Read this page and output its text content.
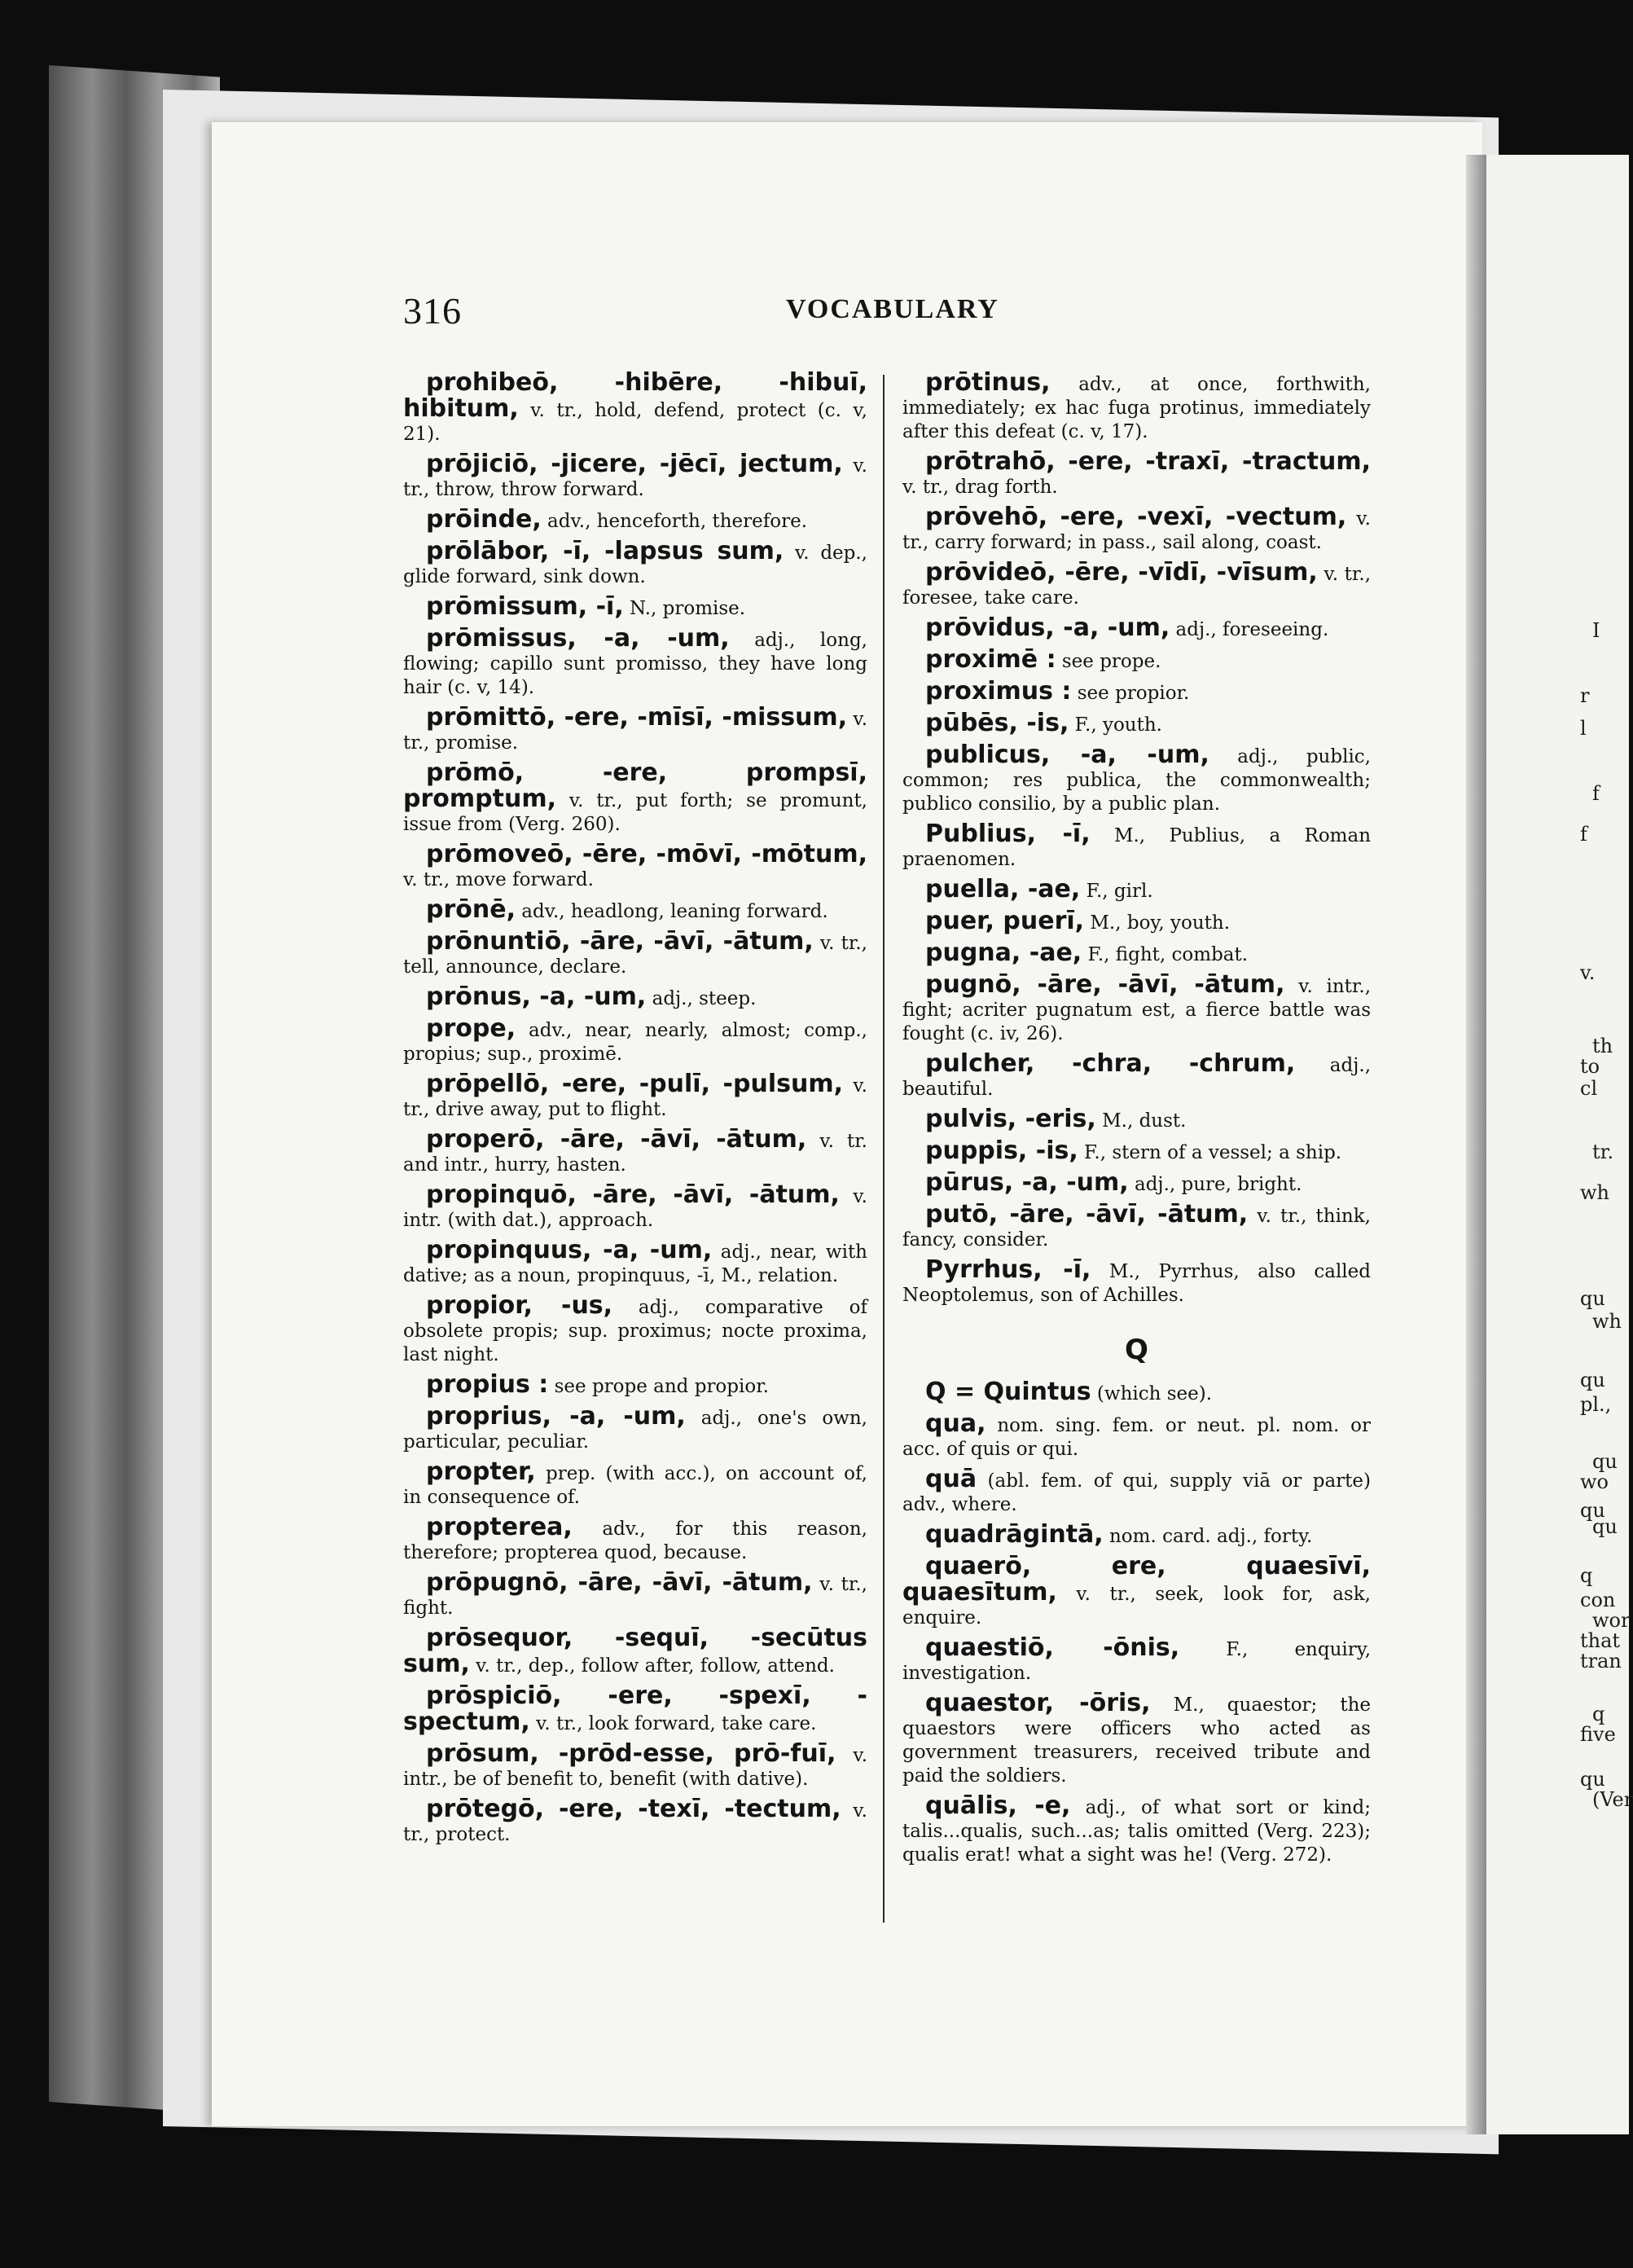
I
r
l
f
f
v.
th
to
cl
tr.
wh
qu
wh
qu
pl.,
qu
wo
qu
qu
q
con
wor
that
tran
q
five
qu
(Ver
316	VOCABULARY

prohibeō, -hibēre, -hibuī, hibitum, v. tr., hold, defend, protect (c. v, 21).

prōjiciō, -jicere, -jēcī, jectum, v. tr., throw, throw forward.

prōinde, adv., henceforth, therefore.

prōlābor, -ī, -lapsus sum, v. dep., glide forward, sink down.

prōmissum, -ī, N., promise.

prōmissus, -a, -um, adj., long, flowing; capillo sunt promisso, they have long hair (c. v, 14).

prōmittō, -ere, -mīsī, -missum, v. tr., promise.

prōmō, -ere, prompsī, promptum, v. tr., put forth; se promunt, issue from (Verg. 260).

prōmoveō, -ēre, -mōvī, -mōtum, v. tr., move forward.

prōnē, adv., headlong, leaning forward.

prōnuntiō, -āre, -āvī, -ātum, v. tr., tell, announce, declare.

prōnus, -a, -um, adj., steep.

prope, adv., near, nearly, almost; comp., propius; sup., proximē.

prōpellō, -ere, -pulī, -pulsum, v. tr., drive away, put to flight.

properō, -āre, -āvī, -ātum, v. tr. and intr., hurry, hasten.

propinquō, -āre, -āvī, -ātum, v. intr. (with dat.), approach.

propinquus, -a, -um, adj., near, with dative; as a noun, propinquus, -ī, M., relation.

propior, -us, adj., comparative of obsolete propis; sup. proximus; nocte proxima, last night.

propius : see prope and propior.

proprius, -a, -um, adj., one's own, particular, peculiar.

propter, prep. (with acc.), on account of, in consequence of.

propterea, adv., for this reason, therefore; propterea quod, because.

prōpugnō, -āre, -āvī, -ātum, v. tr., fight.

prōsequor, -sequī, -secūtus sum, v. tr., dep., follow after, follow, attend.

prōspiciō, -ere, -spexī, -spectum, v. tr., look forward, take care.

prōsum, -prōd-esse, prō-fuī, v. intr., be of benefit to, benefit (with dative).

prōtegō, -ere, -texī, -tectum, v. tr., protect.

prōtinus, adv., at once, forthwith, immediately; ex hac fuga protinus, immediately after this defeat (c. v, 17).

prōtrahō, -ere, -traxī, -tractum, v. tr., drag forth.

prōvehō, -ere, -vexī, -vectum, v. tr., carry forward; in pass., sail along, coast.

prōvideō, -ēre, -vīdī, -vīsum, v. tr., foresee, take care.

prōvidus, -a, -um, adj., foreseeing.

proximē : see prope.

proximus : see propior.

pūbēs, -is, F., youth.

publicus, -a, -um, adj., public, common; res publica, the commonwealth; publico consilio, by a public plan.

Publius, -ī, M., Publius, a Roman praenomen.

puella, -ae, F., girl.

puer, puerī, M., boy, youth.

pugna, -ae, F., fight, combat.

pugnō, -āre, -āvī, -ātum, v. intr., fight; acriter pugnatum est, a fierce battle was fought (c. iv, 26).

pulcher, -chra, -chrum, adj., beautiful.

pulvis, -eris, M., dust.

puppis, -is, F., stern of a vessel; a ship.

pūrus, -a, -um, adj., pure, bright.

putō, -āre, -āvī, -ātum, v. tr., think, fancy, consider.

Pyrrhus, -ī, M., Pyrrhus, also called Neoptolemus, son of Achilles.

Q

Q = Quintus (which see).

qua, nom. sing. fem. or neut. pl. nom. or acc. of quis or qui.

quā (abl. fem. of qui, supply viā or parte) adv., where.

quadrāgintā, nom. card. adj., forty.

quaerō, ere, quaesīvī, quaesītum, v. tr., seek, look for, ask, enquire.

quaestiō, -ōnis, F., enquiry, investigation.

quaestor, -ōris, M., quaestor; the quaestors were officers who acted as government treasurers, received tribute and paid the soldiers.

quālis, -e, adj., of what sort or kind; talis...qualis, such...as; talis omitted (Verg. 223); qualis erat! what a sight was he! (Verg. 272).
